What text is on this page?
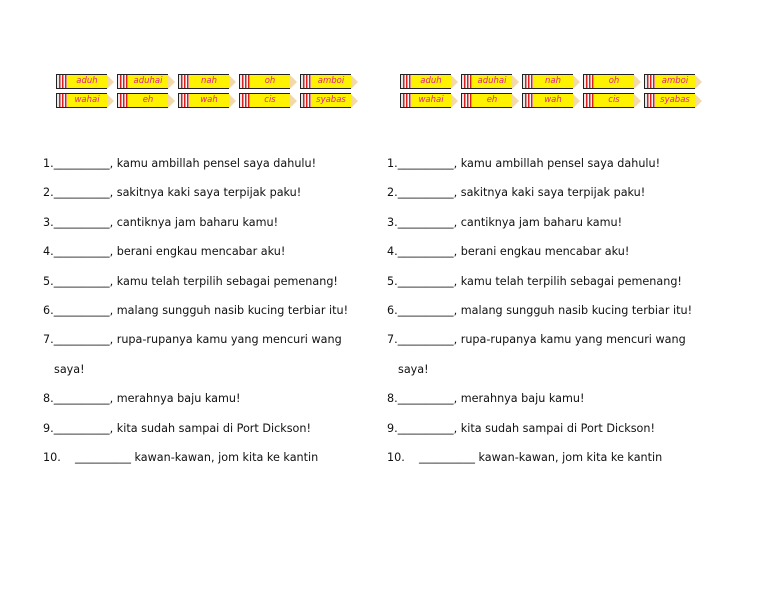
aduh	aduhai	nah	oh	amboi
wahai	eh	wah	cis	syabas
1.__________, kamu ambillah pensel saya dahulu!
2.__________, sakitnya kaki saya terpijak paku!
3.__________, cantiknya jam baharu kamu!
4.__________, berani engkau mencabar aku!
5.__________, kamu telah terpilih sebagai pemenang!
6.__________, malang sungguh nasib kucing terbiar itu!
7.__________, rupa-rupanya kamu yang mencuri wang
saya!
8.__________, merahnya baju kamu!
9.__________, kita sudah sampai di Port Dickson!
10. __________ kawan-kawan, jom kita ke kantin
aduh	aduhai	nah	oh	amboi
wahai	eh	wah	cis	syabas
1.__________, kamu ambillah pensel saya dahulu!
2.__________, sakitnya kaki saya terpijak paku!
3.__________, cantiknya jam baharu kamu!
4.__________, berani engkau mencabar aku!
5.__________, kamu telah terpilih sebagai pemenang!
6.__________, malang sungguh nasib kucing terbiar itu!
7.__________, rupa-rupanya kamu yang mencuri wang
saya!
8.__________, merahnya baju kamu!
9.__________, kita sudah sampai di Port Dickson!
10. __________ kawan-kawan, jom kita ke kantin
